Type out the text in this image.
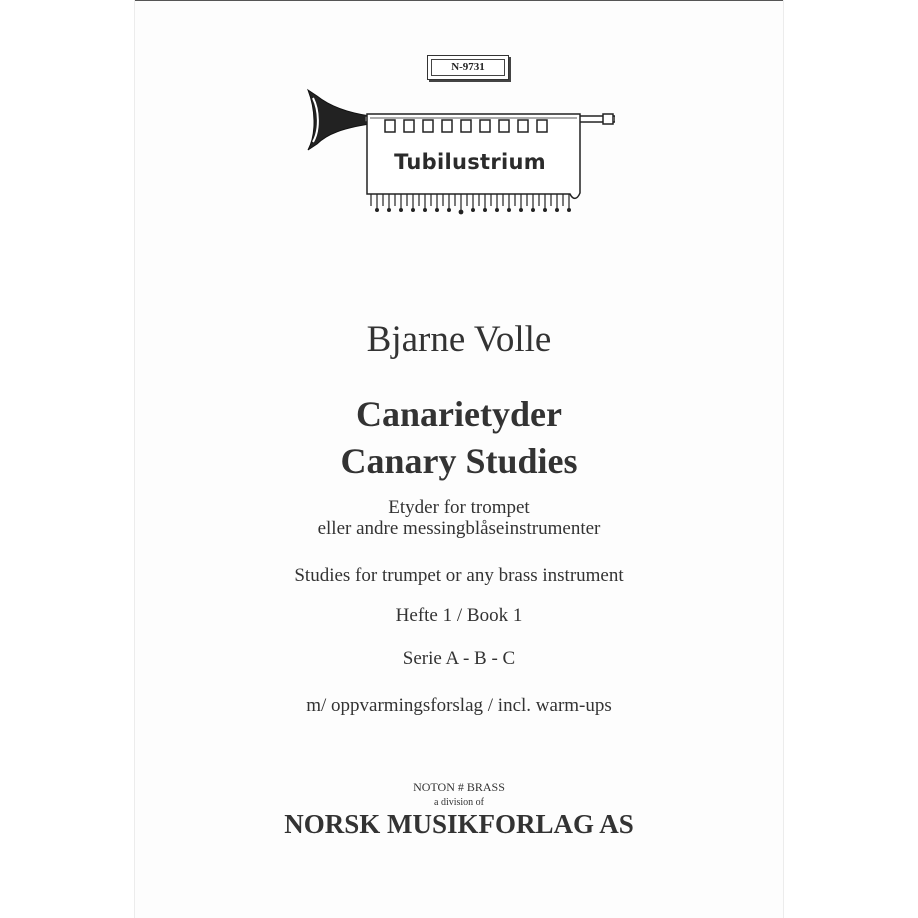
N-9731
Tubilustrium
Bjarne Volle
Canarietyder
Canary Studies
Etyder for trompet
eller andre messingblåseinstrumenter
Studies for trumpet or any brass instrument
Hefte 1 / Book 1
Serie A - B - C
m/ oppvarmingsforslag / incl. warm-ups
NOTON # BRASS
a division of
NORSK MUSIKFORLAG AS
